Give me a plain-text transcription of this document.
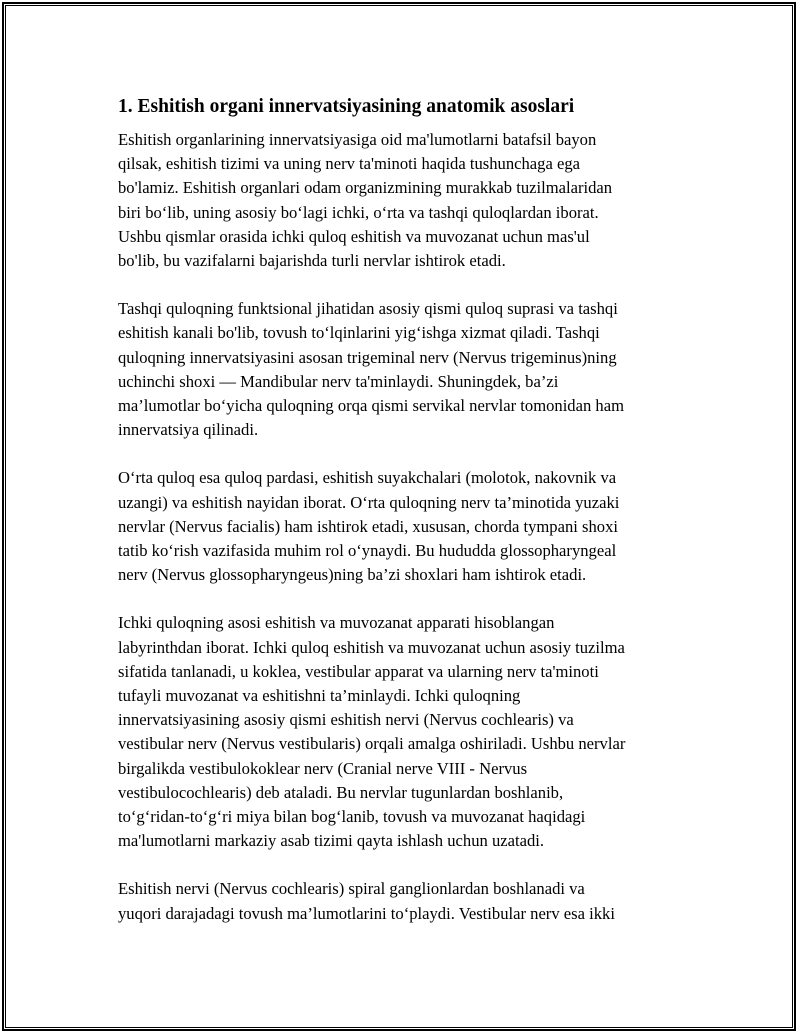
1. Eshitish organi innervatsiyasining anatomik asoslari
Eshitish organlarining innervatsiyasiga oid ma'lumotlarni batafsil bayon
qilsak, eshitish tizimi va uning nerv ta'minoti haqida tushunchaga ega
bo'lamiz. Eshitish organlari odam organizmining murakkab tuzilmalaridan
biri bo‘lib, uning asosiy bo‘lagi ichki, o‘rta va tashqi quloqlardan iborat.
Ushbu qismlar orasida ichki quloq eshitish va muvozanat uchun mas'ul
bo'lib, bu vazifalarni bajarishda turli nervlar ishtirok etadi.
Tashqi quloqning funktsional jihatidan asosiy qismi quloq suprasi va tashqi
eshitish kanali bo'lib, tovush to‘lqinlarini yig‘ishga xizmat qiladi. Tashqi
quloqning innervatsiyasini asosan trigeminal nerv (Nervus trigeminus)ning
uchinchi shoxi — Mandibular nerv ta'minlaydi. Shuningdek, ba’zi
ma’lumotlar bo‘yicha quloqning orqa qismi servikal nervlar tomonidan ham
innervatsiya qilinadi.
O‘rta quloq esa quloq pardasi, eshitish suyakchalari (molotok, nakovnik va
uzangi) va eshitish nayidan iborat. O‘rta quloqning nerv ta’minotida yuzaki
nervlar (Nervus facialis) ham ishtirok etadi, xususan, chorda tympani shoxi
tatib ko‘rish vazifasida muhim rol o‘ynaydi. Bu hududda glossopharyngeal
nerv (Nervus glossopharyngeus)ning ba’zi shoxlari ham ishtirok etadi.
Ichki quloqning asosi eshitish va muvozanat apparati hisoblangan
labyrinthdan iborat. Ichki quloq eshitish va muvozanat uchun asosiy tuzilma
sifatida tanlanadi, u koklea, vestibular apparat va ularning nerv ta'minoti
tufayli muvozanat va eshitishni ta’minlaydi. Ichki quloqning
innervatsiyasining asosiy qismi eshitish nervi (Nervus cochlearis) va
vestibular nerv (Nervus vestibularis) orqali amalga oshiriladi. Ushbu nervlar
birgalikda vestibulokoklear nerv (Cranial nerve VIII - Nervus
vestibulocochlearis) deb ataladi. Bu nervlar tugunlardan boshlanib,
to‘g‘ridan-to‘g‘ri miya bilan bog‘lanib, tovush va muvozanat haqidagi
ma'lumotlarni markaziy asab tizimi qayta ishlash uchun uzatadi.
Eshitish nervi (Nervus cochlearis) spiral ganglionlardan boshlanadi va
yuqori darajadagi tovush ma’lumotlarini to‘playdi. Vestibular nerv esa ikki
